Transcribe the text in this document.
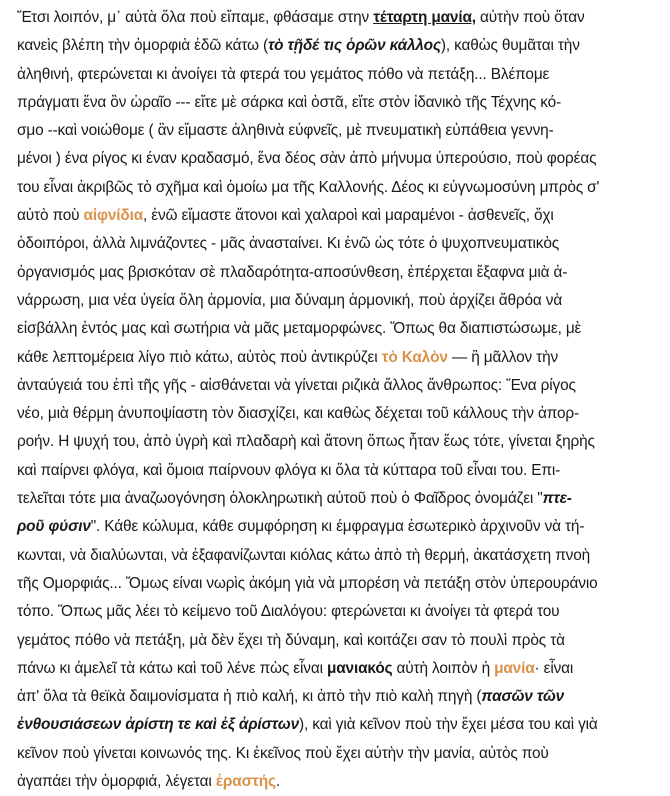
Ἔτσι λοιπόν, μ᾽ αὐτὰ ὅλα ποὺ εἴπαμε, φθάσαμε στην τέταρτη μανία, αὐτὴν ποὺ ὅταν
κανεὶς βλέπη τὴν ὀμορφιὰ ἐδῶ κάτω (τὸ τῇδέ τις ὁρῶν κάλλος), καθὼς θυμᾶται τὴν
ἀληθινή, φτερώνεται κι ἀνοίγει τὰ φτερά του γεμάτος πόθο νὰ πετάξη... Βλέπομε
πράγματι ἕνα ὂν ὡραῖο --- εἴτε μὲ σάρκα καὶ ὀστᾶ, εἴτε στὸν ἰδανικὸ τῆς Τέχνης κό-
σμο --καὶ νοιώθομε ( ἂν εἴμαστε ἀληθινὰ εὐφνεῖς, μὲ πνευματικὴ εὐπάθεια γεννη-
μένοι ) ένα ρίγος κι έναν κραδασμό, ἕνα δέος σὰν ἀπὸ μήνυμα ὑπερούσιο, ποὺ φορέας
του εἶναι ἀκριβῶς τὸ σχῆμα καὶ ὁμοίω μα τῆς Καλλονής. Δέος κι εὐγνωμοσύνη μπρὸς σ'
αὐτὸ ποὺ αἰφνίδια, ἐνῶ εἴμαστε ἄτονοι καὶ χαλαροὶ καὶ μαραμένοι - ἀσθενεῖς, ὄχι
ὁδοιπόροι, ἀλλὰ λιμνάζοντες - μᾶς ἀνασταίνει. Κι ἐνῶ ὡς τότε ὁ ψυχοπνευματικὸς
ὀργανισμός μας βρισκόταν σὲ πλαδαρότητα-αποσύνθεση, ἐπέρχεται ἔξαφνα μιὰ ἀ-
νάρρωση, μια νέα ὑγεία ὅλη ἁρμονία, μια δύναμη ἁρμονική, ποὺ ἀρχίζει ἄθρόα νὰ
εἰσβάλλη ἐντός μας καὶ σωτήρια νὰ μᾶς μεταμορφώνες. Ὅπως θα διαπιστώσωμε, μὲ
κάθε λεπτομέρεια λίγο πιὸ κάτω, αὐτὸς ποὺ ἀντικρύζει τὸ Καλὸν — ἢ μᾶλλον τὴν
ἀνταύγειά του ἐπὶ τῆς γῆς - αἰσθάνεται νὰ γίνεται ριζικὰ ἄλλος ἄνθρωπος: Ἕνα ρίγος
νέο, μιὰ θέρμη ἀνυποψίαστη τὸν διασχίζει, και καθὼς δέχεται τοῦ κάλλους τὴν ἀπορ-
ροήν. Η ψυχή του, ἀπὸ ὑγρὴ καὶ πλαδαρὴ καὶ ἄτονη ὅπως ἦταν ἕως τότε, γίνεται ξηρὴς
καὶ παίρνει φλόγα, καὶ ὅμοια παίρνουν φλόγα κι ὅλα τὰ κύτταρα τοῦ εἶναι του. Επι-
τελεῖται τότε μια ἀναζωογόνηση ὁλοκληρωτικὴ αὐτοῦ ποὺ ὁ Φαῖδρος ὀνομάζει "πτε-
ροῦ φύσιν". Κάθε κώλυμα, κάθε συμφόρηση κι έμφραγμα ἐσωτερικὸ ἀρχινοῦν νὰ τή-
κωνται, νὰ διαλύωνται, νὰ ἐξαφανίζωνται κιόλας κάτω ἀπὸ τὴ θερμή, ἀκατάσχετη πνοὴ
τῆς Ομορφιάς... Ὅμως είναι νωρὶς ἀκόμη γιὰ νὰ μπορέση νὰ πετάξη στὸν ὑπερουράνιο
τόπο. Ὅπως μᾶς λέει τὸ κείμενο τοῦ Διαλόγου: φτερώνεται κι ἀνοίγει τὰ φτερά του
γεμάτος πόθο νὰ πετάξη, μὰ δὲν ἔχει τὴ δύναμη, καὶ κοιτάζει σαν τὸ πουλὶ πρὸς τὰ
πάνω κι ἀμελεῖ τὰ κάτω καὶ τοῦ λένε πὼς εἶναι μανιακός αὐτὴ λοιπὸν ἡ μανία· εἶναι
ἀπ' ὅλα τὰ θεϊκὰ δαιμονίσματα ἡ πιὸ καλή, κι ἀπὸ τὴν πιὸ καλὴ πηγὴ (πασῶν τῶν
ἐνθουσιάσεων ἀρίστη τε καὶ ἐξ ἀρίστων), καὶ γιὰ κεῖνον ποὺ τὴν ἔχει μέσα του καὶ γιὰ
κεῖνον ποὺ γίνεται κοινωνός της. Κι ἐκεῖνος ποὺ ἔχει αὐτὴν τὴν μανία, αὐτὸς ποὺ
ἀγαπάει τὴν ὀμορφιά, λέγεται ἐραστής.
